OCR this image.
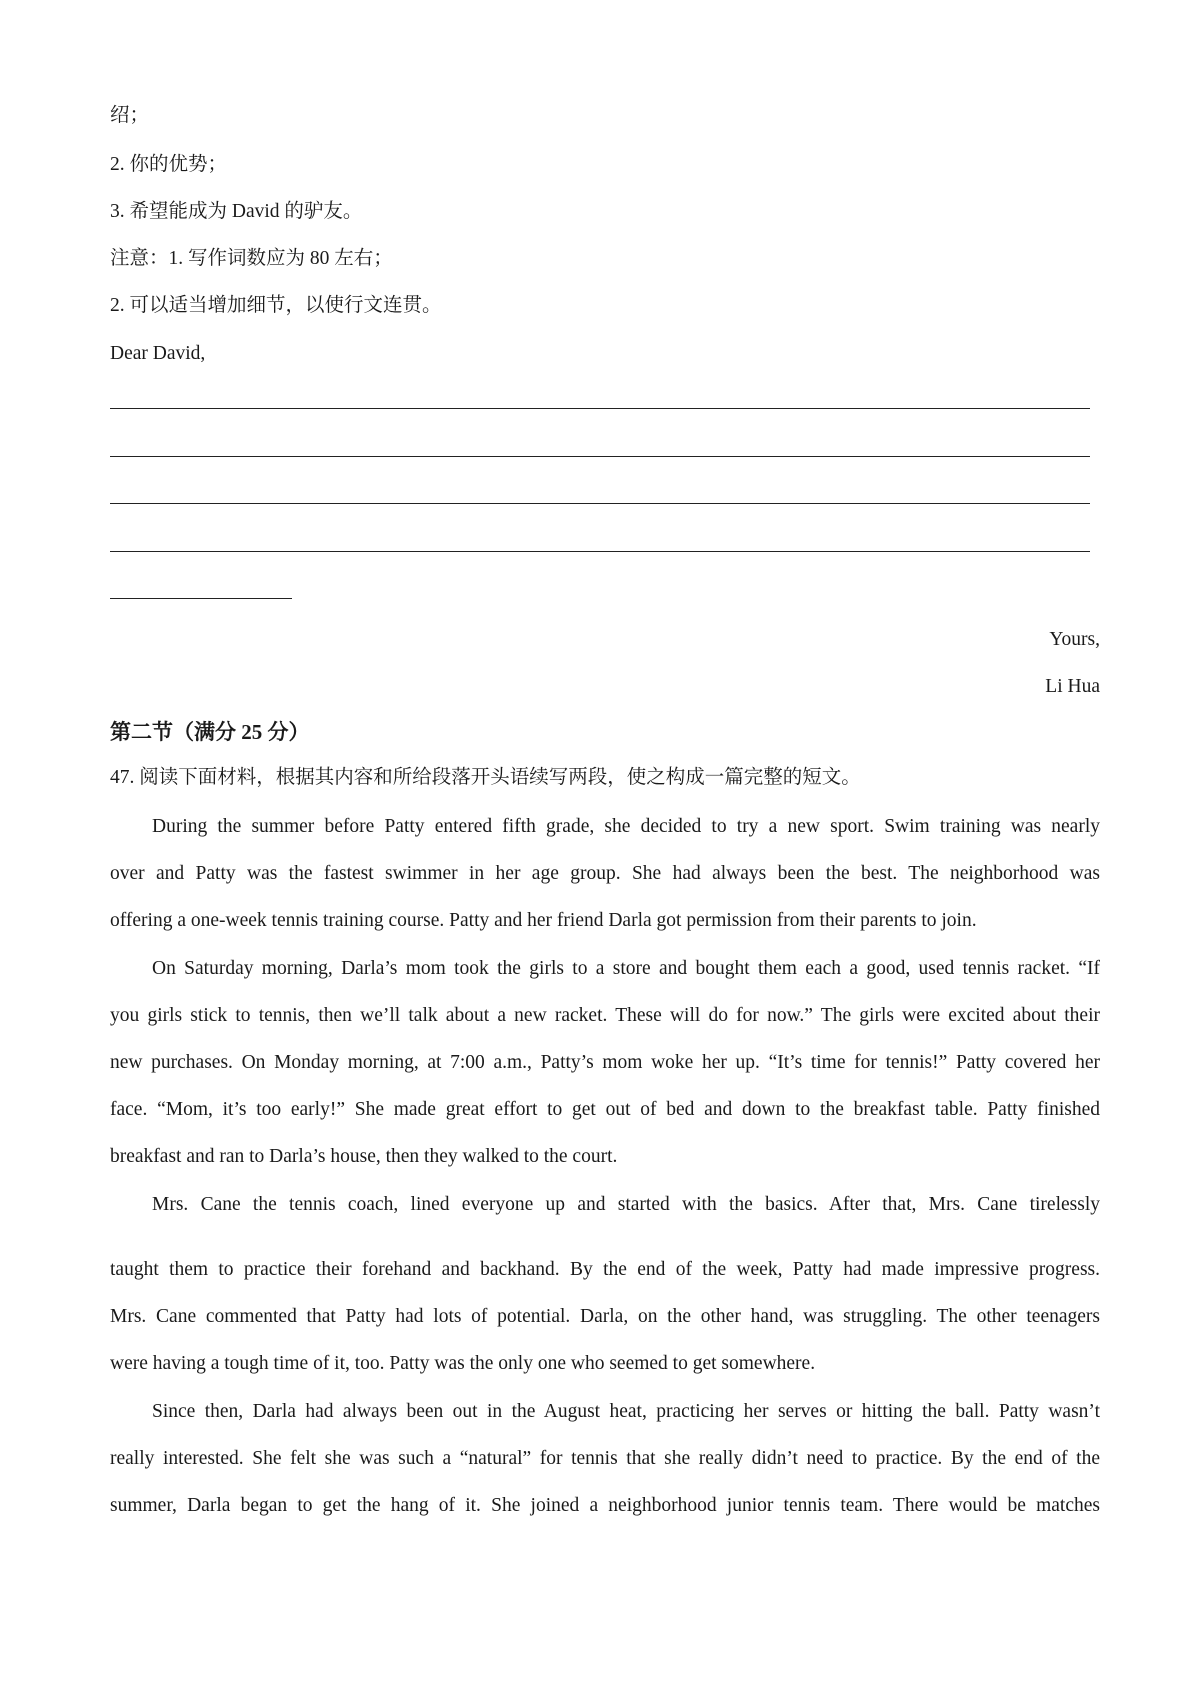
绍；
2. 你的优势；
3. 希望能成为 David 的驴友。
注意：1. 写作词数应为 80 左右；
2. 可以适当增加细节，以使行文连贯。
Dear David,
Yours,
Li Hua
第二节（满分 25 分）
47. 阅读下面材料，根据其内容和所给段落开头语续写两段，使之构成一篇完整的短文。
During the summer before Patty entered fifth grade, she decided to try a new sport. Swim training was nearly
over and Patty was the fastest swimmer in her age group. She had always been the best. The neighborhood was
offering a one-week tennis training course. Patty and her friend Darla got permission from their parents to join.
On Saturday morning, Darla’s mom took the girls to a store and bought them each a good, used tennis racket. “If
you girls stick to tennis, then we’ll talk about a new racket. These will do for now.” The girls were excited about their
new purchases. On Monday morning, at 7:00 a.m., Patty’s mom woke her up. “It’s time for tennis!” Patty covered her
face. “Mom, it’s too early!” She made great effort to get out of bed and down to the breakfast table. Patty finished
breakfast and ran to Darla’s house, then they walked to the court.
Mrs. Cane the tennis coach, lined everyone up and started with the basics. After that, Mrs. Cane tirelessly
taught them to practice their forehand and backhand. By the end of the week, Patty had made impressive progress.
Mrs. Cane commented that Patty had lots of potential. Darla, on the other hand, was struggling. The other teenagers
were having a tough time of it, too. Patty was the only one who seemed to get somewhere.
Since then, Darla had always been out in the August heat, practicing her serves or hitting the ball. Patty wasn’t
really interested. She felt she was such a “natural” for tennis that she really didn’t need to practice. By the end of the
summer, Darla began to get the hang of it. She joined a neighborhood junior tennis team. There would be matches
